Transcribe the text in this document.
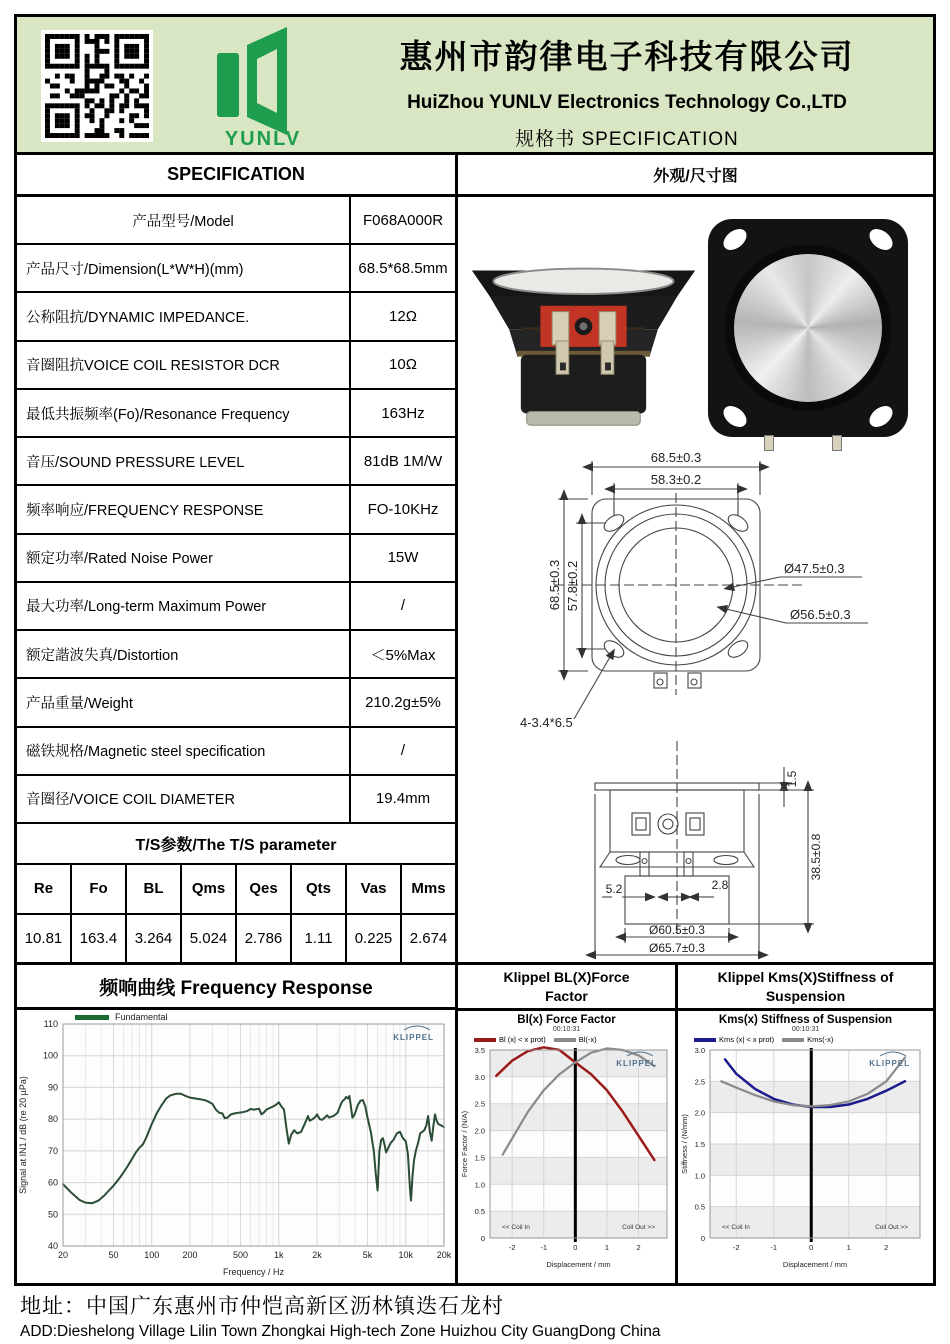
YUNLV
惠州市韵律电子科技有限公司
HuiZhou YUNLV Electronics Technology Co.,LTD
规格书 SPECIFICATION
SPECIFICATION	外观/尺寸图
产品型号/Model	F068A000R
产品尺寸/Dimension(L*W*H)(mm)	68.5*68.5mm
公称阻抗/DYNAMIC IMPEDANCE.	12Ω
音圈阻抗VOICE COIL RESISTOR DCR	10Ω
最低共振频率(Fo)/Resonance Frequency	163Hz
音压/SOUND PRESSURE LEVEL	81dB 1M/W
频率响应/FREQUENCY RESPONSE	FO-10KHz
额定功率/Rated Noise Power	15W
最大功率/Long-term Maximum Power	/
额定諧波失真/Distortion	＜5%Max
产品重量/Weight	210.2g±5%
磁铁规格/Magnetic steel specification	/
音圈径/VOICE COIL DIAMETER	19.4mm
T/S参数/The T/S parameter
Re	Fo	BL	Qms	Qes	Qts	Vas	Mms
10.81	163.4	3.264	5.024	2.786	1.11	0.225	2.674
68.5±0.3
58.3±0.2
68.5±0.3 57.8±0.2	Ø47.5±0.3
Ø56.5±0.3
4-3.4*6.5
1.5
38.5±0.8
5.2	2.8
Ø60.5±0.3
Ø65.7±0.3
频响曲线 Frequency Response
Fundamental
40
50
60
70
80
90
100
110
20	50	100	200	500	1k	2k	5k	10k	20k
Frequency / Hz
Signal at IN1 / dB (re 20 µPa)
KLIPPEL
Klippel BL(X)Force
Factor
Bl(x) Force Factor
00:10:31
Bl (x| < x prot)	Bl(-x)
0
0.5
1.0
1.5
2.0
2.5
3.0
3.5
-2	-1	0	1	2
<< Coil In	Coil Out >>
Displacement / mm
Force Factor / (N/A)
KLIPPEL
Klippel Kms(X)Stiffness of
Suspension
Kms(x) Stiffness of Suspension
00:10:31
Kms (x| < x prot)	Kms(-x)
0
0.5
1.0
1.5
2.0
2.5
3.0
-2	-1	0	1	2
<< Coil In	Coil Out >>
Displacement / mm
Stiffness / (N/mm)
KLIPPEL
地址：中国广东惠州市仲恺高新区沥林镇迭石龙村
ADD:Dieshelong Village Lilin Town Zhongkai High-tech Zone Huizhou City GuangDong China
